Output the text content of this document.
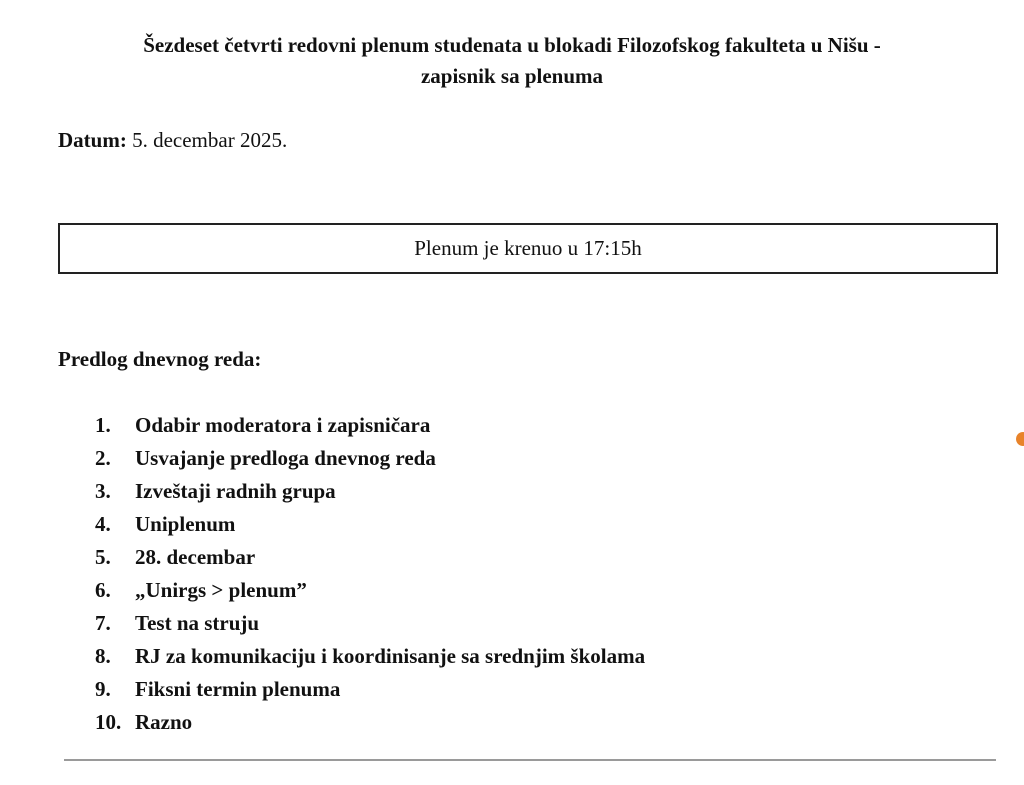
Šezdeset četvrti redovni plenum studenata u blokadi Filozofskog fakulteta u Nišu -
zapisnik sa plenuma
Datum: 5. decembar 2025.
Plenum je krenuo u 17:15h
Predlog dnevnog reda:
1.	Odabir moderatora i zapisničara
2.	Usvajanje predloga dnevnog reda
3.	Izveštaji radnih grupa
4.	Uniplenum
5.	28. decembar
6.	„Unirgs > plenum”
7.	Test na struju
8.	RJ za komunikaciju i koordinisanje sa srednjim školama
9.	Fiksni termin plenuma
10. Razno
